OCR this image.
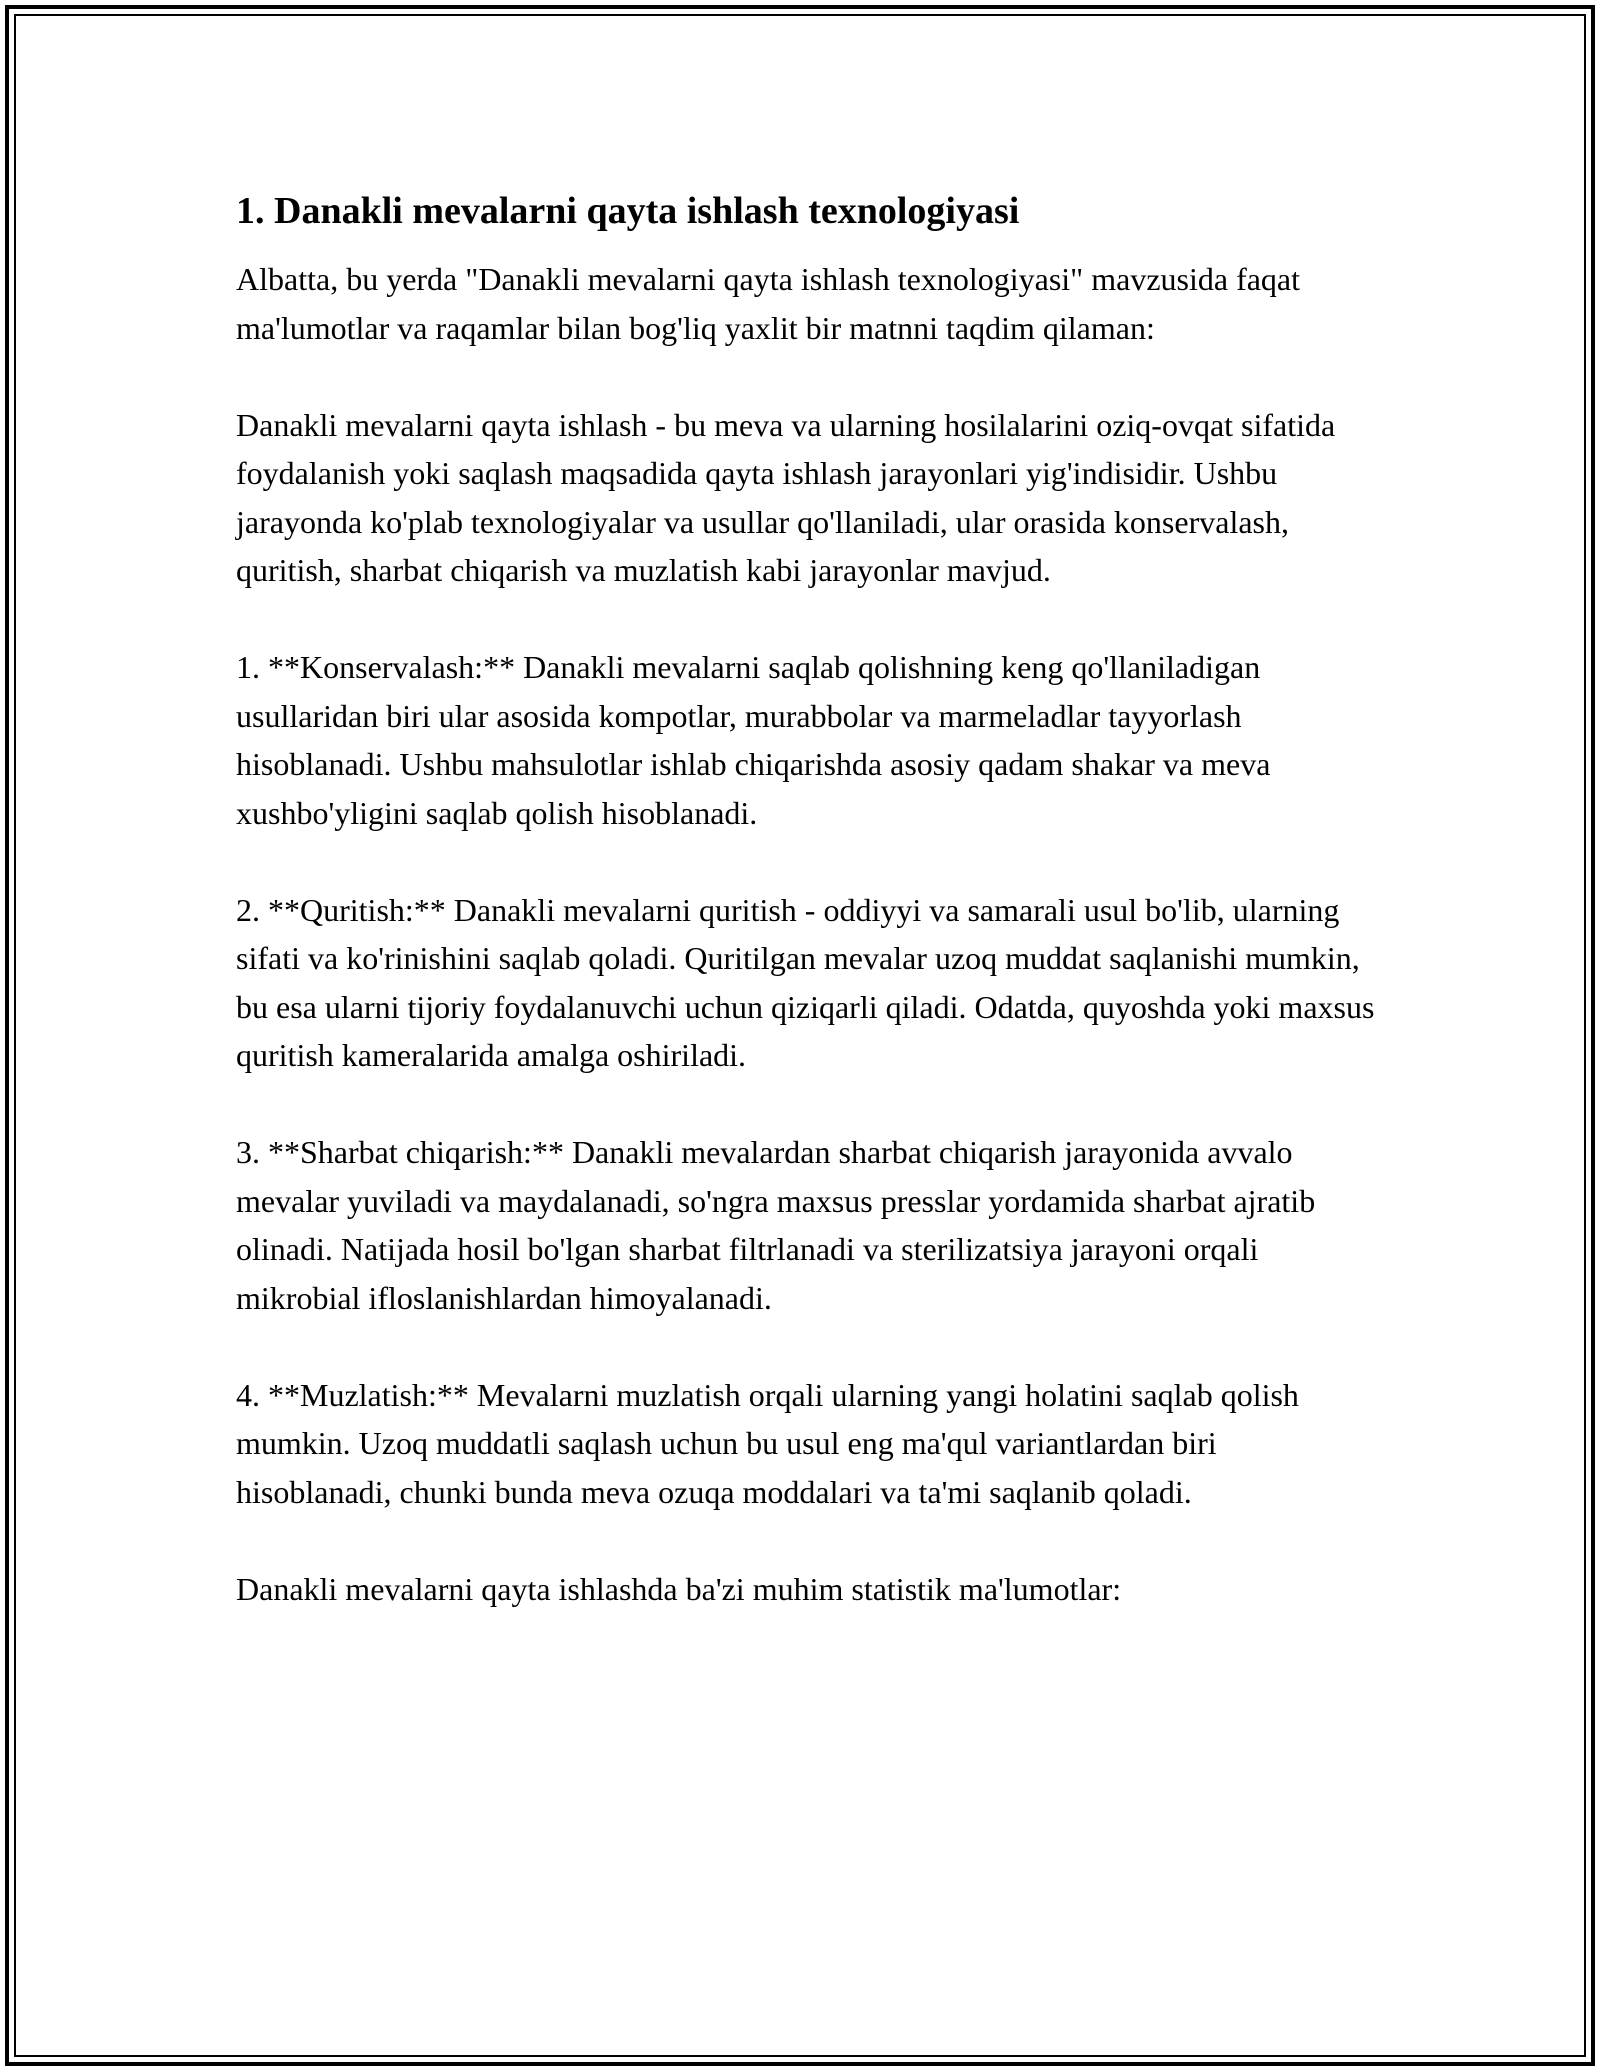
1. Danakli mevalarni qayta ishlash texnologiyasi

Albatta, bu yerda "Danakli mevalarni qayta ishlash texnologiyasi" mavzusida faqat ma'lumotlar va raqamlar bilan bog'liq yaxlit bir matnni taqdim qilaman:

Danakli mevalarni qayta ishlash - bu meva va ularning hosilalarini oziq-ovqat sifatida foydalanish yoki saqlash maqsadida qayta ishlash jarayonlari yig'indisidir. Ushbu jarayonda ko'plab texnologiyalar va usullar qo'llaniladi, ular orasida konservalash, quritish, sharbat chiqarish va muzlatish kabi jarayonlar mavjud.

1. **Konservalash:** Danakli mevalarni saqlab qolishning keng qo'llaniladigan usullaridan biri ular asosida kompotlar, murabbolar va marmeladlar tayyorlash hisoblanadi. Ushbu mahsulotlar ishlab chiqarishda asosiy qadam shakar va meva xushbo'yligini saqlab qolish hisoblanadi.

2. **Quritish:** Danakli mevalarni quritish - oddiyyi va samarali usul bo'lib, ularning sifati va ko'rinishini saqlab qoladi. Quritilgan mevalar uzoq muddat saqlanishi mumkin, bu esa ularni tijoriy foydalanuvchi uchun qiziqarli qiladi. Odatda, quyoshda yoki maxsus quritish kameralarida amalga oshiriladi.

3. **Sharbat chiqarish:** Danakli mevalardan sharbat chiqarish jarayonida avvalo mevalar yuviladi va maydalanadi, so'ngra maxsus presslar yordamida sharbat ajratib olinadi. Natijada hosil bo'lgan sharbat filtrlanadi va sterilizatsiya jarayoni orqali mikrobial ifloslanishlardan himoyalanadi.

4. **Muzlatish:** Mevalarni muzlatish orqali ularning yangi holatini saqlab qolish mumkin. Uzoq muddatli saqlash uchun bu usul eng ma'qul variantlardan biri hisoblanadi, chunki bunda meva ozuqa moddalari va ta'mi saqlanib qoladi.

Danakli mevalarni qayta ishlashda ba'zi muhim statistik ma'lumotlar:
